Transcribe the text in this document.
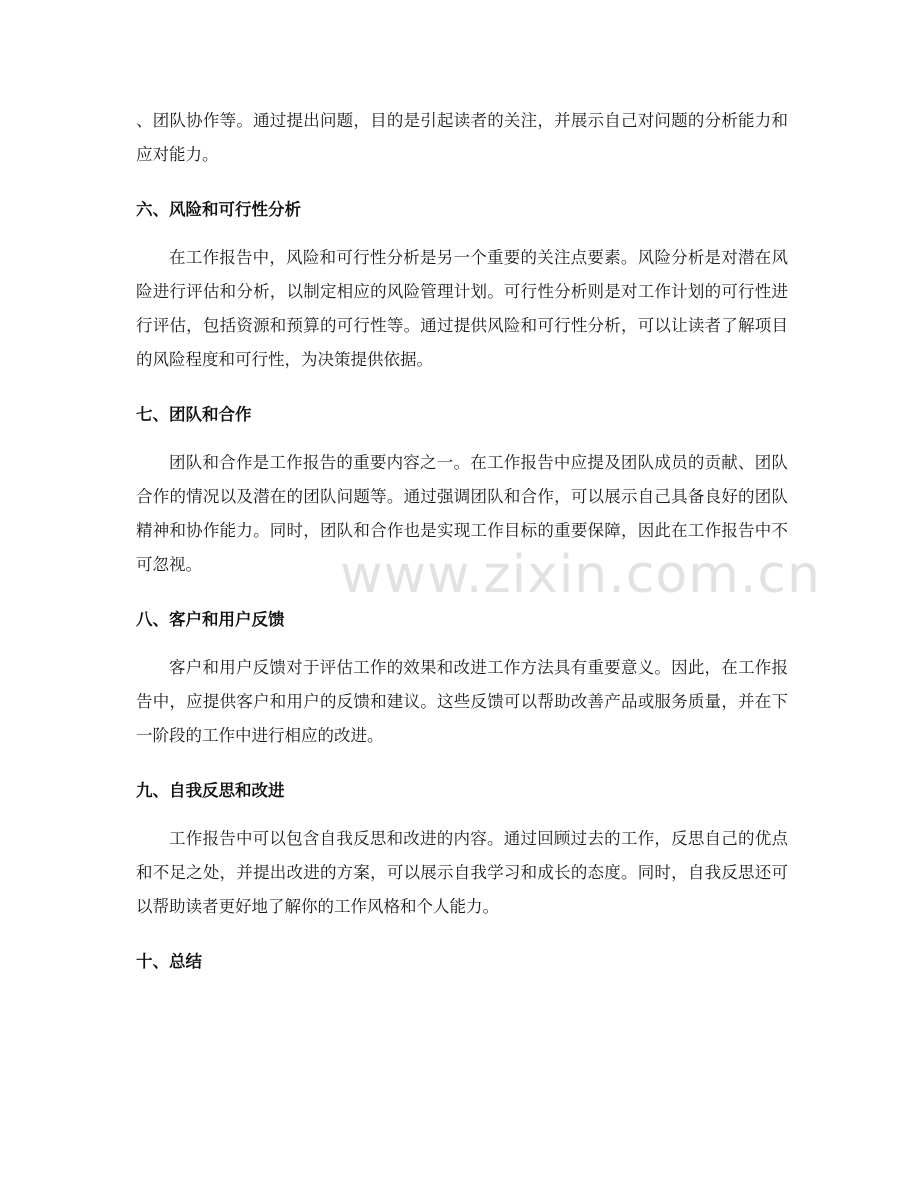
、团队协作等。通过提出问题，目的是引起读者的关注，并展示自己对问题的分析能力和应对能力。

六、风险和可行性分析

在工作报告中，风险和可行性分析是另一个重要的关注点要素。风险分析是对潜在风险进行评估和分析，以制定相应的风险管理计划。可行性分析则是对工作计划的可行性进行评估，包括资源和预算的可行性等。通过提供风险和可行性分析，可以让读者了解项目的风险程度和可行性，为决策提供依据。

七、团队和合作

团队和合作是工作报告的重要内容之一。在工作报告中应提及团队成员的贡献、团队合作的情况以及潜在的团队问题等。通过强调团队和合作，可以展示自己具备良好的团队精神和协作能力。同时，团队和合作也是实现工作目标的重要保障，因此在工作报告中不可忽视。

八、客户和用户反馈

客户和用户反馈对于评估工作的效果和改进工作方法具有重要意义。因此，在工作报告中，应提供客户和用户的反馈和建议。这些反馈可以帮助改善产品或服务质量，并在下一阶段的工作中进行相应的改进。

九、自我反思和改进

工作报告中可以包含自我反思和改进的内容。通过回顾过去的工作，反思自己的优点和不足之处，并提出改进的方案，可以展示自我学习和成长的态度。同时，自我反思还可以帮助读者更好地了解你的工作风格和个人能力。

十、总结
www.zixin.com.cn
